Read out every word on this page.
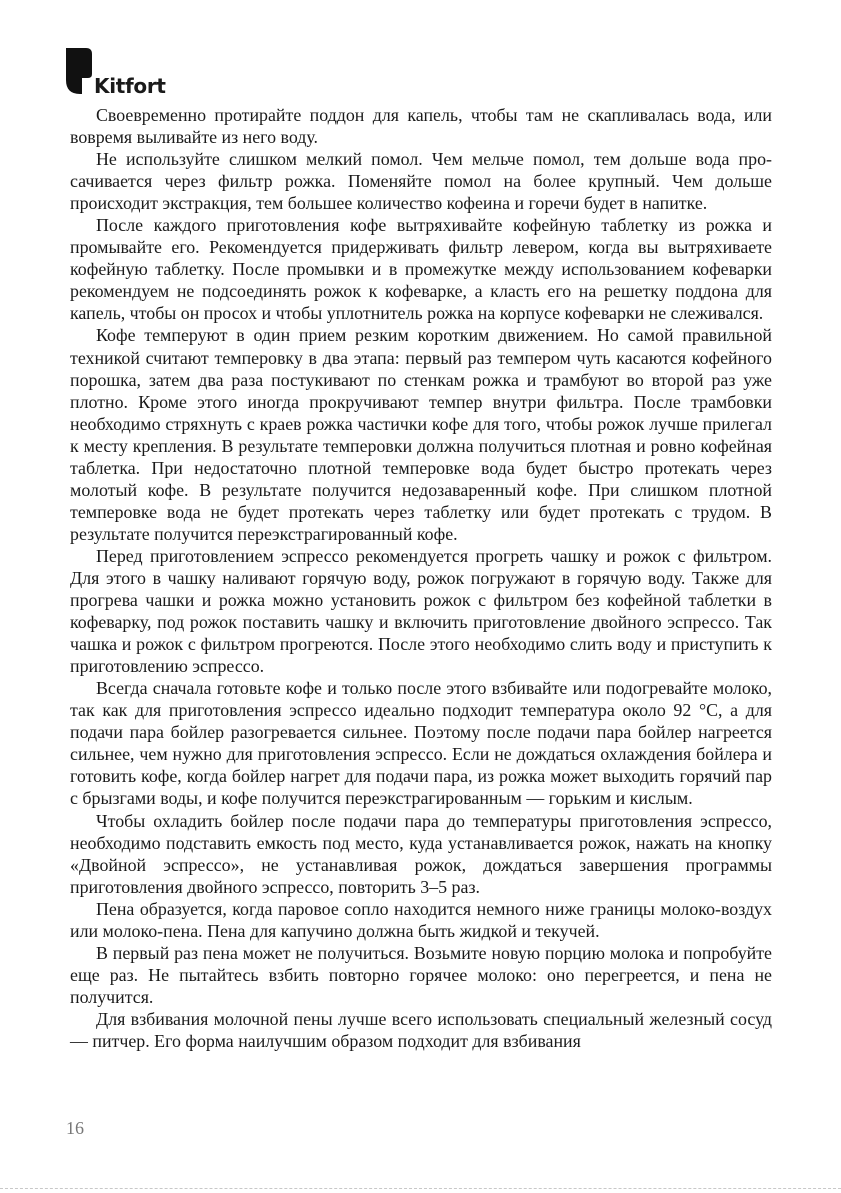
Kitfort

Своевременно протирайте поддон для капель, чтобы там не скапливалась вода, или вовремя выливайте из него воду.

Не используйте слишком мелкий помол. Чем мельче помол, тем дольше вода просачивается через фильтр рожка. Поменяйте помол на более крупный. Чем дольше происходит экстракция, тем большее количество кофеина и горечи будет в напитке.

После каждого приготовления кофе вытряхивайте кофейную таблетку из рожка и промывайте его. Рекомендуется придерживать фильтр левером, когда вы вытряхиваете кофейную таблетку. После промывки и в промежутке между использованием кофеварки рекомендуем не подсоединять рожок к кофеварке, а класть его на решетку поддона для капель, чтобы он просох и чтобы уплотнитель рожка на корпусе кофеварки не слеживался.

Кофе темперуют в один прием резким коротким движением. Но самой правильной техникой считают темперовку в два этапа: первый раз темпером чуть касаются кофейного порошка, затем два раза постукивают по стенкам рожка и трамбуют во второй раз уже плотно. Кроме этого иногда прокручивают темпер внутри фильтра. После трамбовки необходимо стряхнуть с краев рожка частички кофе для того, чтобы рожок лучше прилегал к месту крепления. В результате темперовки должна получиться плотная и ровно кофейная таблетка. При недостаточно плотной темперовке вода будет быстро протекать через молотый кофе. В результате получится недозаваренный кофе. При слишком плотной темперовке вода не будет протекать через таблетку или будет протекать с трудом. В результате получится переэкстрагированный кофе.

Перед приготовлением эспрессо рекомендуется прогреть чашку и рожок с фильтром. Для этого в чашку наливают горячую воду, рожок погружают в горячую воду. Также для прогрева чашки и рожка можно установить рожок с фильтром без кофейной таблетки в кофеварку, под рожок поставить чашку и включить приготовление двойного эспрессо. Так чашка и рожок с фильтром прогреются. После этого необходимо слить воду и приступить к приготовлению эспрессо.

Всегда сначала готовьте кофе и только после этого взбивайте или подогревайте молоко, так как для приготовления эспрессо идеально подходит температура около 92 °C, а для подачи пара бойлер разогревается сильнее. Поэтому после подачи пара бойлер нагреется сильнее, чем нужно для приготовления эспрессо. Если не дождаться охлаждения бойлера и готовить кофе, когда бойлер нагрет для подачи пара, из рожка может выходить горячий пар с брызгами воды, и кофе получится переэкстрагированным — горьким и кислым.

Чтобы охладить бойлер после подачи пара до температуры приготовления эспрессо, необходимо подставить емкость под место, куда устанавливается рожок, нажать на кнопку «Двойной эспрессо», не устанавливая рожок, дождаться завершения программы приготовления двойного эспрессо, повторить 3–5 раз.

Пена образуется, когда паровое сопло находится немного ниже границы молоко-воздух или молоко-пена. Пена для капучино должна быть жидкой и текучей.

В первый раз пена может не получиться. Возьмите новую порцию молока и попробуйте еще раз. Не пытайтесь взбить повторно горячее молоко: оно перегреется, и пена не получится.

Для взбивания молочной пены лучше всего использовать специальный железный сосуд — питчер. Его форма наилучшим образом подходит для взбивания

16
